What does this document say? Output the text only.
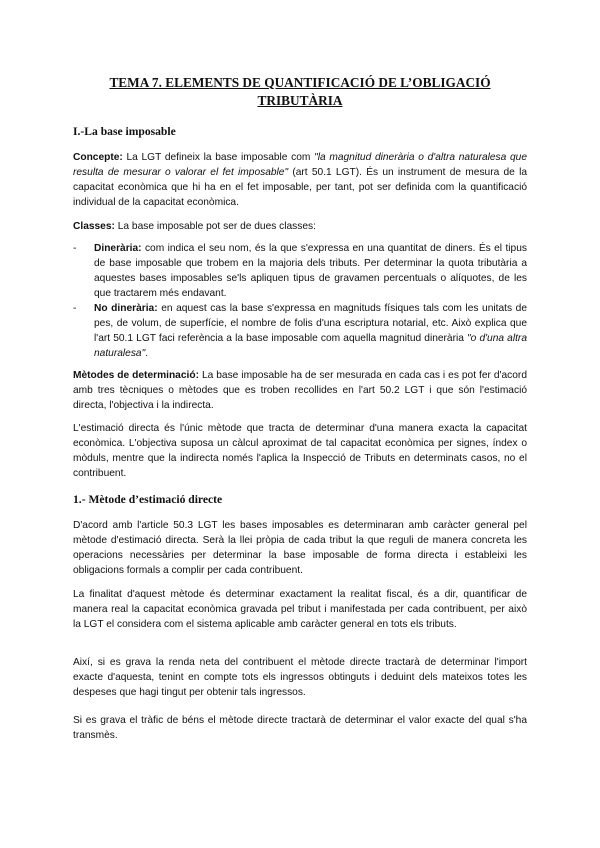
TEMA 7. ELEMENTS DE QUANTIFICACIÓ DE L’OBLIGACIÓ
TRIBUTÀRIA
I.-La base imposable

Concepte: La LGT defineix la base imposable com "la magnitud dinerària o d'altra naturalesa que resulta de mesurar o valorar el fet imposable" (art 50.1 LGT). És un instrument de mesura de la capacitat econòmica que hi ha en el fet imposable, per tant, pot ser definida com la quantificació individual de la capacitat econòmica.

Classes: La base imposable pot ser de dues classes:

- Dinerària: com indica el seu nom, és la que s'expressa en una quantitat de diners. És el tipus de base imposable que trobem en la majoria dels tributs. Per determinar la quota tributària a aquestes bases imposables se'ls apliquen tipus de gravamen percentuals o alíquotes, de les que tractarem més endavant.
- No dinerària: en aquest cas la base s'expressa en magnituds físiques tals com les unitats de pes, de volum, de superfície, el nombre de folis d'una escriptura notarial, etc. Això explica que l'art 50.1 LGT faci referència a la base imposable com aquella magnitud dinerària "o d'una altra naturalesa".

Mètodes de determinació: La base imposable ha de ser mesurada en cada cas i es pot fer d'acord amb tres tècniques o mètodes que es troben recollides en l'art 50.2 LGT i que són l'estimació directa, l'objectiva i la indirecta.

L'estimació directa és l'únic mètode que tracta de determinar d'una manera exacta la capacitat econòmica. L'objectiva suposa un càlcul aproximat de tal capacitat econòmica per signes, índex o mòduls, mentre que la indirecta només l'aplica la Inspecció de Tributs en determinats casos, no el contribuent.

1.- Mètode d’estimació directe

D'acord amb l'article 50.3 LGT les bases imposables es determinaran amb caràcter general pel mètode d'estimació directa. Serà la llei pròpia de cada tribut la que reguli de manera concreta les operacions necessàries per determinar la base imposable de forma directa i estableixi les obligacions formals a complir per cada contribuent.

La finalitat d'aquest mètode és determinar exactament la realitat fiscal, és a dir, quantificar de manera real la capacitat econòmica gravada pel tribut i manifestada per cada contribuent, per això la LGT el considera com el sistema aplicable amb caràcter general en tots els tributs.

Així, si es grava la renda neta del contribuent el mètode directe tractarà de determinar l'import exacte d'aquesta, tenint en compte tots els ingressos obtinguts i deduint dels mateixos totes les despeses que hagi tingut per obtenir tals ingressos.

Si es grava el tràfic de béns el mètode directe tractarà de determinar el valor exacte del qual s'ha transmès.
